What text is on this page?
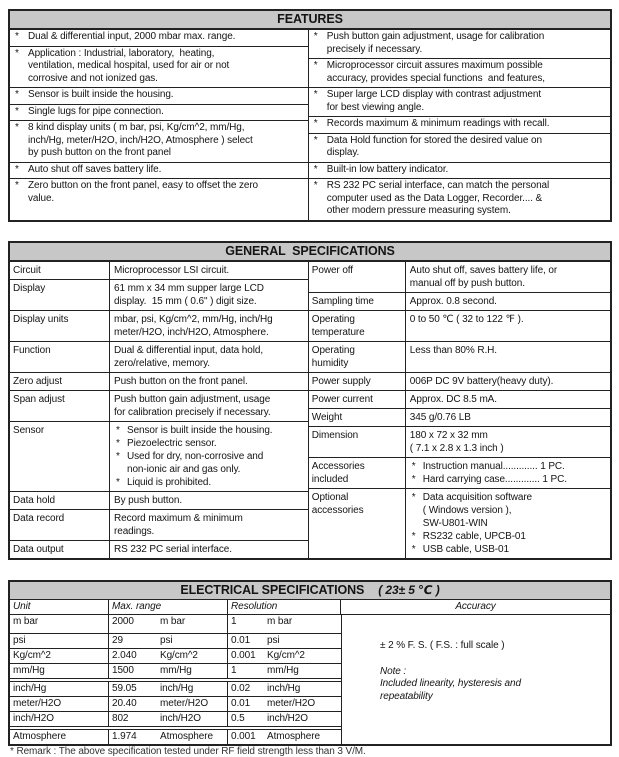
FEATURES
* Dual & differential input, 2000 mbar max. range.
* Application : Industrial, laboratory,  heating,
ventilation, medical hospital, used for air or not
corrosive and not ionized gas.
* Sensor is built inside the housing.
* Single lugs for pipe connection.
* 8 kind display units ( m bar, psi, Kg/cm^2, mm/Hg,
inch/Hg, meter/H2O, inch/H2O, Atmosphere ) select
by push button on the front panel
* Auto shut off saves battery life.
* Zero button on the front panel, easy to offset the zero
value.
* Push button gain adjustment, usage for calibration
precisely if necessary.
* Microprocessor circuit assures maximum possible
accuracy, provides special functions  and features,
* Super large LCD display with contrast adjustment
for best viewing angle.
* Records maximum & minimum readings with recall.
* Data Hold function for stored the desired value on
display.
* Built-in low battery indicator.
* RS 232 PC serial interface, can match the personal
computer used as the Data Logger, Recorder.... &
other modern pressure measuring system.
GENERAL  SPECIFICATIONS
Circuit	Microprocessor LSI circuit.
Display	61 mm x 34 mm supper large LCD
display.  15 mm ( 0.6" ) digit size.
Display units	mbar, psi, Kg/cm^2, mm/Hg, inch/Hg
meter/H2O, inch/H2O, Atmosphere.
Function	Dual & differential input, data hold,
zero/relative, memory.
Zero adjust	Push button on the front panel.
Span adjust	Push button gain adjustment, usage
for calibration precisely if necessary.
Sensor	* Sensor is built inside the housing.
* Piezoelectric sensor.
* Used for dry, non-corrosive and
non-ionic air and gas only.
* Liquid is prohibited.
Data hold	By push button.
Data record	Record maximum & minimum
readings.
Data output	RS 232 PC serial interface.
Power off	Auto shut off, saves battery life, or
manual off by push button.
Sampling time	Approx. 0.8 second.
Operating
temperature
0 to 50 ℃ ( 32 to 122 ℉ ).
Operating
humidity
Less than 80% R.H.
Power supply	006P DC 9V battery(heavy duty).
Power current	Approx. DC 8.5 mA.
Weight	345 g/0.76 LB
Dimension	180 x 72 x 32 mm
( 7.1 x 2.8 x 1.3 inch )
Accessories
included
* Instruction manual............. 1 PC.
* Hard carrying case............. 1 PC.
Optional
accessories
* Data acquisition software
( Windows version ),
SW-U801-WIN
* RS232 cable, UPCB-01
* USB cable, USB-01
ELECTRICAL SPECIFICATIONS ( 23± 5 ℃ )
Unit	Max. range	Resolution	Accuracy
m bar	2000	m bar	1	m bar
psi	29	psi	0.01	psi
Kg/cm^2	2.040	Kg/cm^2	0.001	Kg/cm^2
mm/Hg	1500	mm/Hg	1	mm/Hg
inch/Hg	59.05	inch/Hg	0.02	inch/Hg
meter/H2O	20.40	meter/H2O 0.01	meter/H2O
inch/H2O	802	inch/H2O	0.5	inch/H2O
Atmosphere	1.974	Atmosphere 0.001	Atmosphere
± 2 % F. S. ( F.S. : full scale )
Note :
Included linearity, hysteresis and
repeatability
* Remark : The above specification tested under RF field strength less than 3 V/M.
